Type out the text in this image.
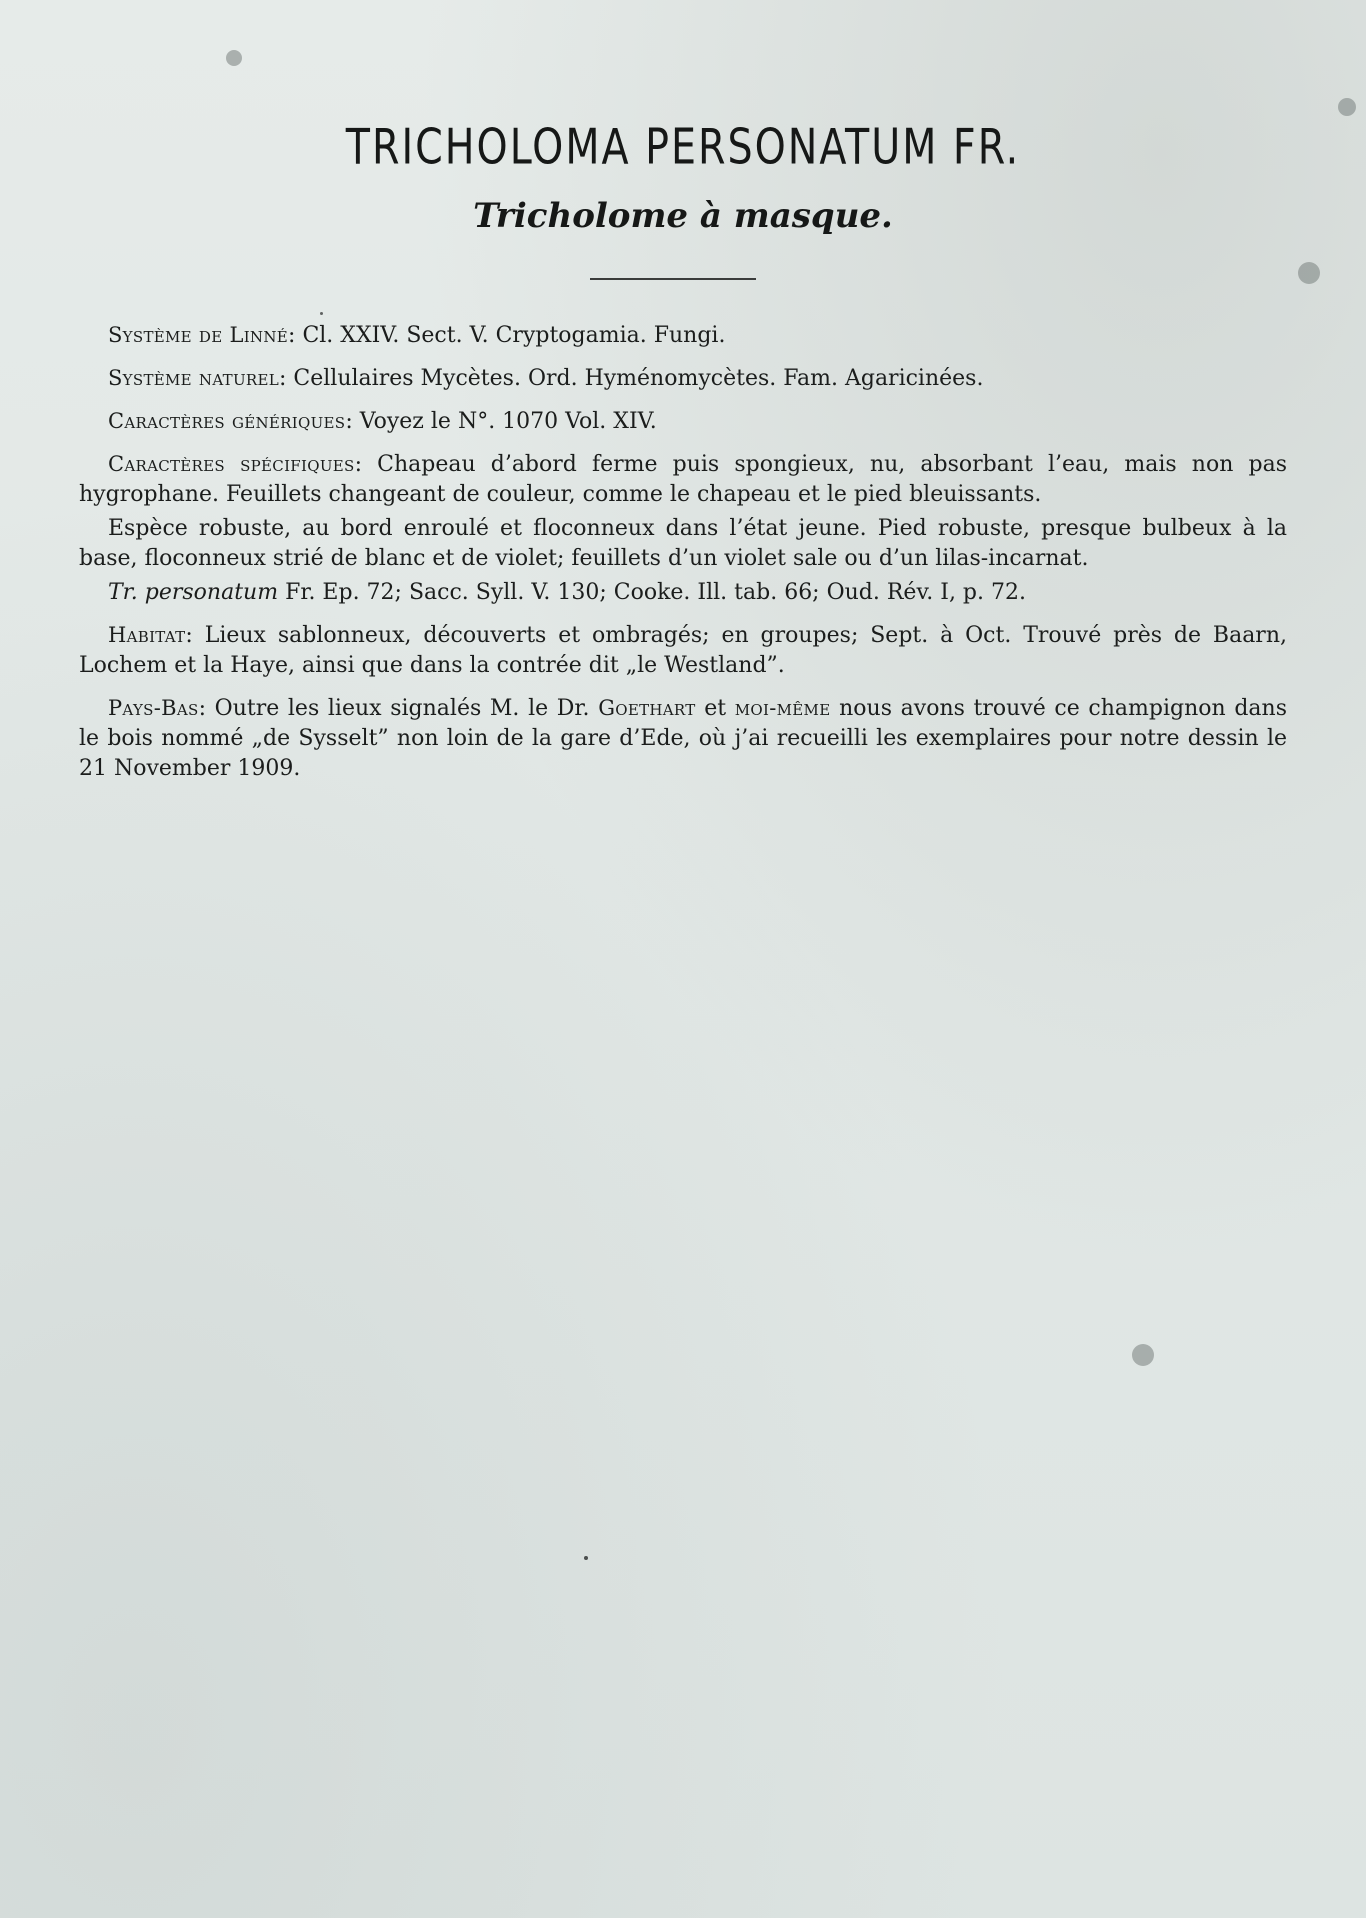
TRICHOLOMA PERSONATUM FR.
Tricholome à masque.

Système de Linné: Cl. XXIV. Sect. V. Cryptogamia. Fungi.

Système naturel: Cellulaires Mycètes. Ord. Hyménomycètes. Fam. Agaricinées.

Caractères génériques: Voyez le N°. 1070 Vol. XIV.

Caractères spécifiques: Chapeau d’abord ferme puis spongieux, nu, absorbant l’eau, mais non pas hygrophane. Feuillets changeant de couleur, comme le chapeau et le pied bleuissants.

Espèce robuste, au bord enroulé et floconneux dans l’état jeune. Pied robuste, presque bulbeux à la base, floconneux strié de blanc et de violet; feuillets d’un violet sale ou d’un lilas-incarnat.

Tr. personatum Fr. Ep. 72; Sacc. Syll. V. 130; Cooke. Ill. tab. 66; Oud. Rév. I, p. 72.

Habitat: Lieux sablonneux, découverts et ombragés; en groupes; Sept. à Oct. Trouvé près de Baarn, Lochem et la Haye, ainsi que dans la contrée dit „le Westland”.

Pays-Bas: Outre les lieux signalés M. le Dr. Goethart et moi-même nous avons trouvé ce champignon dans le bois nommé „de Sysselt” non loin de la gare d’Ede, où j’ai recueilli les exemplaires pour notre dessin le 21 November 1909.
